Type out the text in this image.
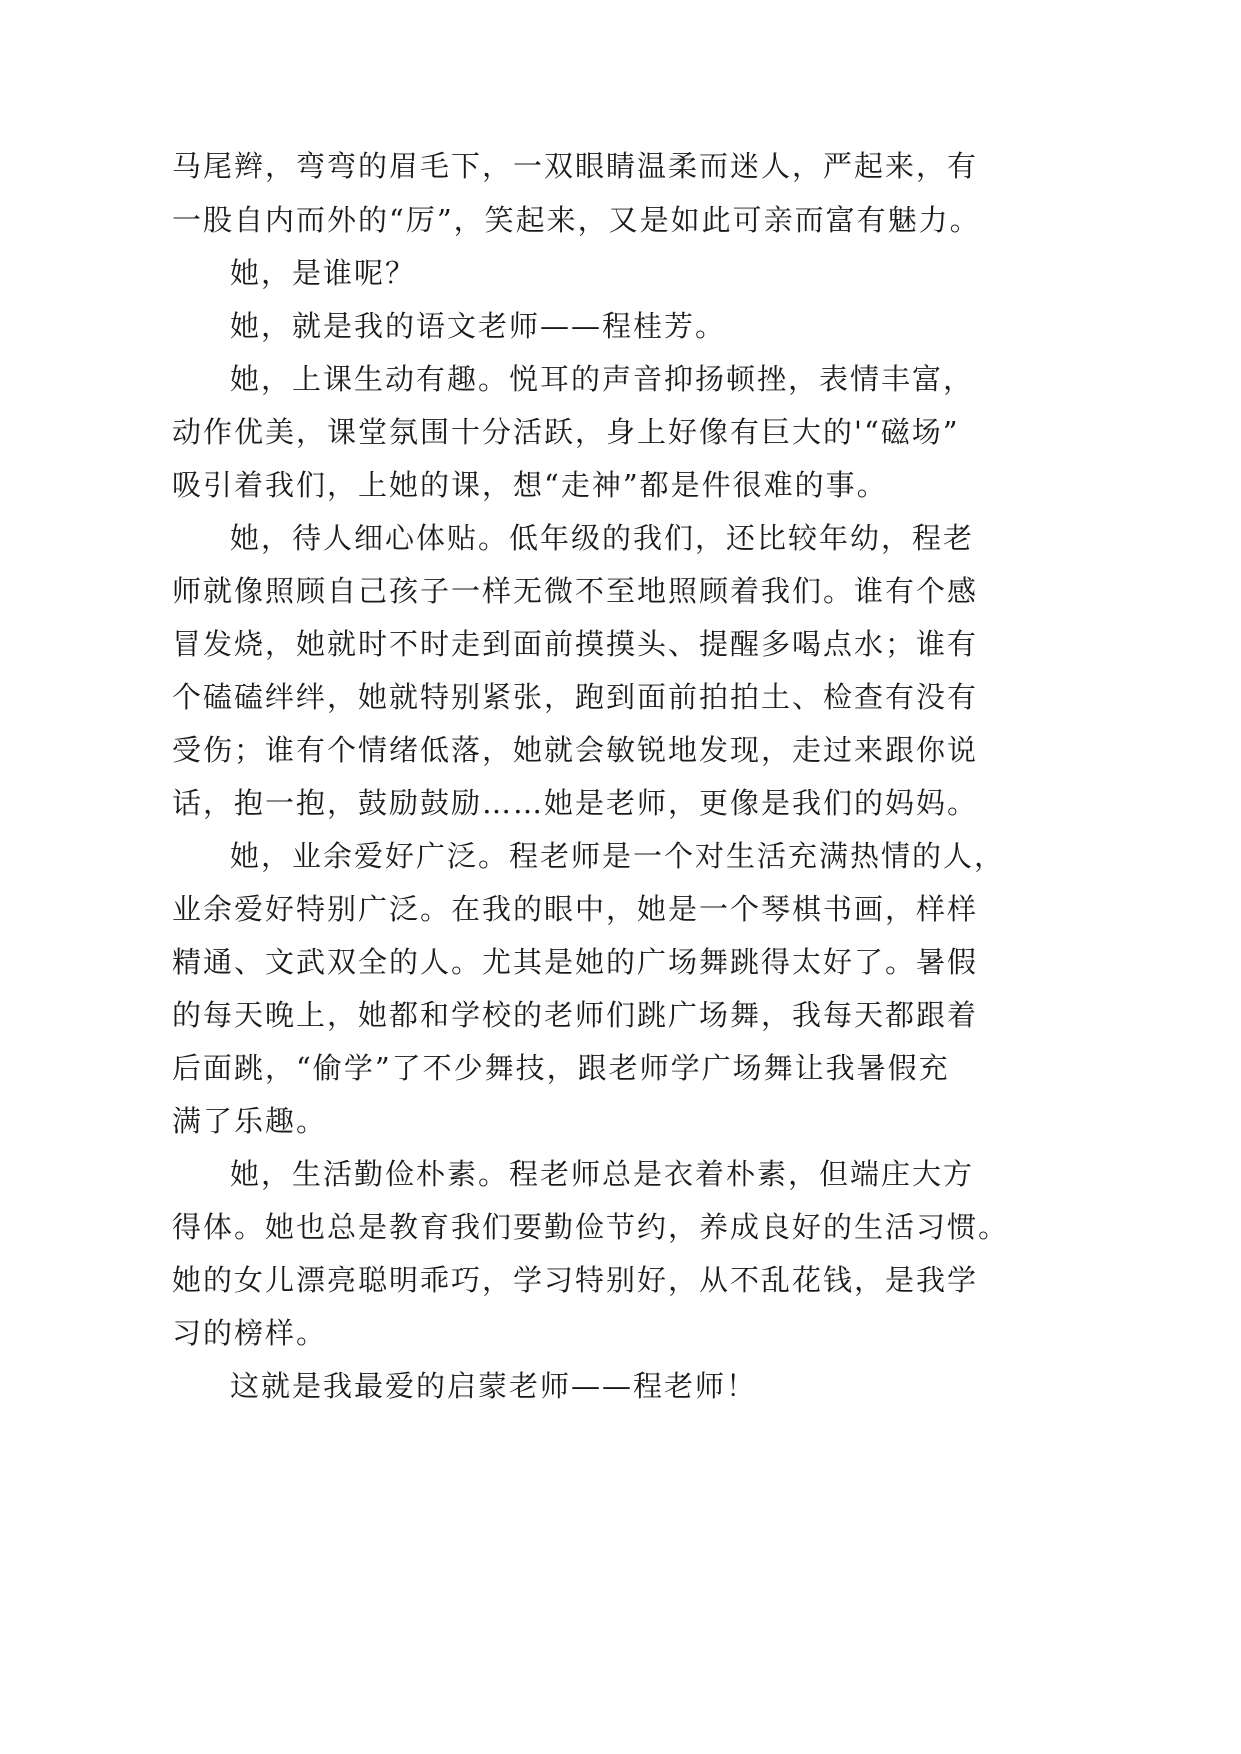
马尾辫，弯弯的眉毛下，一双眼睛温柔而迷人，严起来，有
一股自内而外的“厉”，笑起来，又是如此可亲而富有魅力。
她，是谁呢？
她，就是我的语文老师——程桂芳。
她，上课生动有趣。悦耳的声音抑扬顿挫，表情丰富，
动作优美，课堂氛围十分活跃，身上好像有巨大的'“磁场”
吸引着我们，上她的课，想“走神”都是件很难的事。
她，待人细心体贴。低年级的我们，还比较年幼，程老
师就像照顾自己孩子一样无微不至地照顾着我们。谁有个感
冒发烧，她就时不时走到面前摸摸头、提醒多喝点水；谁有
个磕磕绊绊，她就特别紧张，跑到面前拍拍土、检查有没有
受伤；谁有个情绪低落，她就会敏锐地发现，走过来跟你说
话，抱一抱，鼓励鼓励……她是老师，更像是我们的妈妈。
她，业余爱好广泛。程老师是一个对生活充满热情的人，
业余爱好特别广泛。在我的眼中，她是一个琴棋书画，样样
精通、文武双全的人。尤其是她的广场舞跳得太好了。暑假
的每天晚上，她都和学校的老师们跳广场舞，我每天都跟着
后面跳，“偷学”了不少舞技，跟老师学广场舞让我暑假充
满了乐趣。
她，生活勤俭朴素。程老师总是衣着朴素，但端庄大方
得体。她也总是教育我们要勤俭节约，养成良好的生活习惯。
她的女儿漂亮聪明乖巧，学习特别好，从不乱花钱，是我学
习的榜样。
这就是我最爱的启蒙老师——程老师！
